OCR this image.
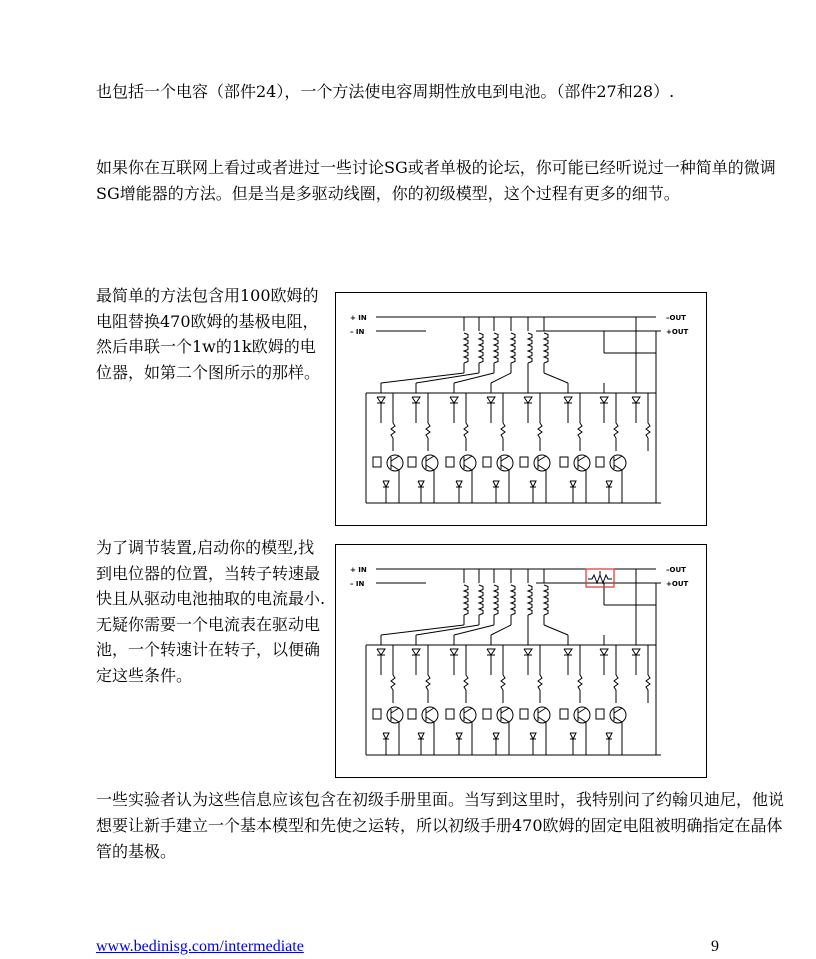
也包括一个电容（部件24），一个方法使电容周期性放电到电池。（部件27和28）.

如果你在互联网上看过或者进过一些讨论SG或者单极的论坛，你可能已经听说过一种简单的微调SG增能器的方法。但是当是多驱动线圈，你的初级模型，这个过程有更多的细节。

最简单的方法包含用100欧姆的电阻替换470欧姆的基极电阻，然后串联一个1w的1k欧姆的电位器，如第二个图所示的那样。

为了调节装置,启动你的模型,找到电位器的位置，当转子转速最快且从驱动电池抽取的电流最小.无疑你需要一个电流表在驱动电池，一个转速计在转子，以便确定这些条件。

一些实验者认为这些信息应该包含在初级手册里面。当写到这里时，我特别问了约翰贝迪尼，他说想要让新手建立一个基本模型和先使之运转，所以初级手册470欧姆的固定电阻被明确指定在晶体管的基极。

+ IN
– IN
–OUT
+OUT
+ IN
– IN
–OUT
+OUT
www.bedinisg.com/intermediate	9
